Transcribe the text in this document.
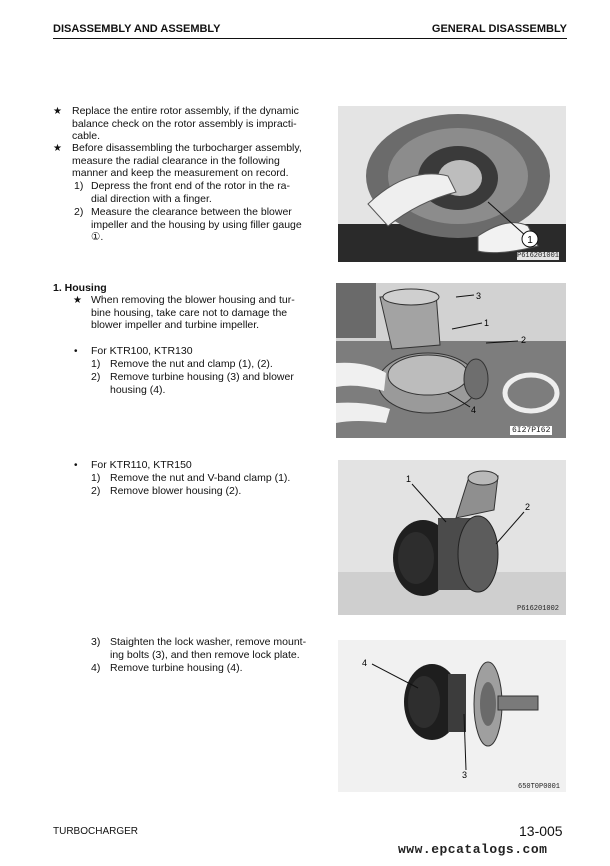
DISASSEMBLY AND ASSEMBLY	GENERAL DISASSEMBLY
★ Replace the entire rotor assembly, if the dynamic
balance check on the rotor assembly is impracti-
cable.
★ Before disassembling the turbocharger assembly,
measure the radial clearance in the following
manner and keep the measurement on record.
1) Depress the front end of the rotor in the ra-
dial direction with a finger.
2) Measure the clearance between the blower
impeller and the housing by using filler gauge
①.
1. Housing
★ When removing the blower housing and tur-
bine housing, take care not to damage the
blower impeller and turbine impeller.
• For KTR100, KTR130
1) Remove the nut and clamp (1), (2).
2) Remove turbine housing (3) and blower
housing (4).
• For KTR110, KTR150
1) Remove the nut and V-band clamp (1).
2) Remove blower housing (2).
3) Staighten the lock washer, remove mount-
ing bolts (3), and then remove lock plate.
4) Remove turbine housing (4).
1
P616201001
3
1
2
4
6I27PI62
1
2
P616201002
4
3
650T0P0001
TURBOCHARGER	13-005
www.epcatalogs.com
